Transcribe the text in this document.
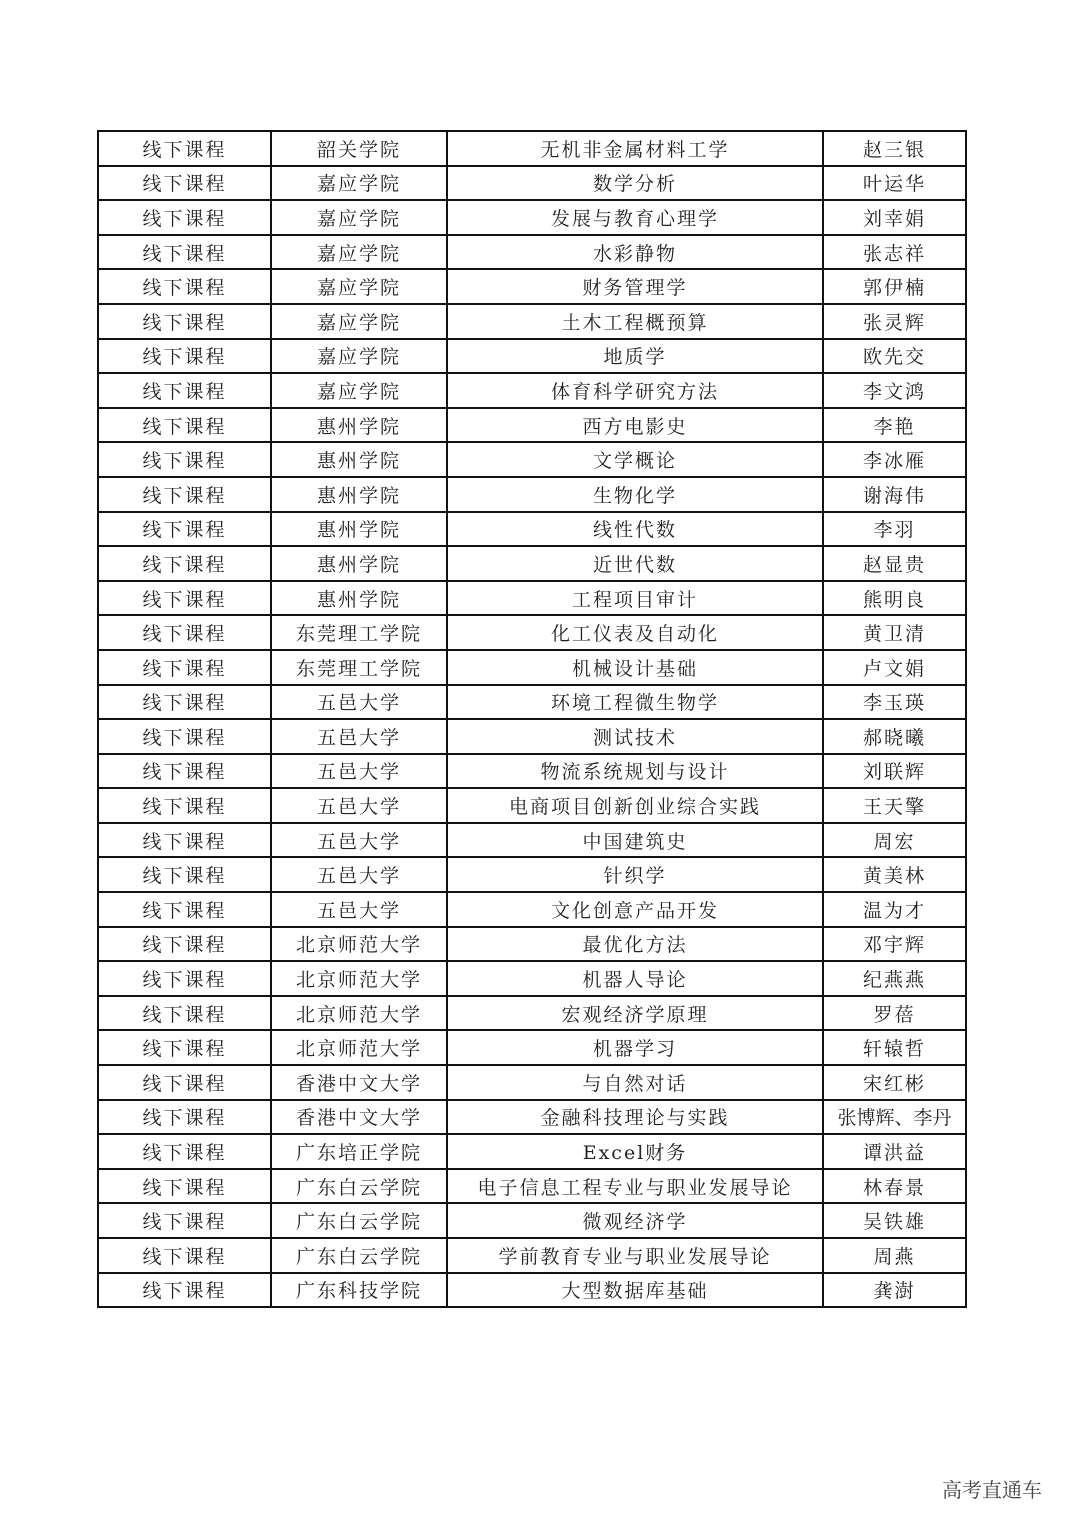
线下课程	韶关学院	无机非金属材料工学	赵三银
线下课程	嘉应学院	数学分析	叶运华
线下课程	嘉应学院	发展与教育心理学	刘幸娟
线下课程	嘉应学院	水彩静物	张志祥
线下课程	嘉应学院	财务管理学	郭伊楠
线下课程	嘉应学院	土木工程概预算	张灵辉
线下课程	嘉应学院	地质学	欧先交
线下课程	嘉应学院	体育科学研究方法	李文鸿
线下课程	惠州学院	西方电影史	李艳
线下课程	惠州学院	文学概论	李冰雁
线下课程	惠州学院	生物化学	谢海伟
线下课程	惠州学院	线性代数	李羽
线下课程	惠州学院	近世代数	赵显贵
线下课程	惠州学院	工程项目审计	熊明良
线下课程	东莞理工学院	化工仪表及自动化	黄卫清
线下课程	东莞理工学院	机械设计基础	卢文娟
线下课程	五邑大学	环境工程微生物学	李玉瑛
线下课程	五邑大学	测试技术	郝晓曦
线下课程	五邑大学	物流系统规划与设计	刘联辉
线下课程	五邑大学	电商项目创新创业综合实践	王天擎
线下课程	五邑大学	中国建筑史	周宏
线下课程	五邑大学	针织学	黄美林
线下课程	五邑大学	文化创意产品开发	温为才
线下课程	北京师范大学	最优化方法	邓宇辉
线下课程	北京师范大学	机器人导论	纪燕燕
线下课程	北京师范大学	宏观经济学原理	罗蓓
线下课程	北京师范大学	机器学习	轩辕哲
线下课程	香港中文大学	与自然对话	宋红彬
线下课程	香港中文大学	金融科技理论与实践	张博辉、李丹
线下课程	广东培正学院	Excel财务	谭洪益
线下课程	广东白云学院	电子信息工程专业与职业发展导论	林春景
线下课程	广东白云学院	微观经济学	吴铁雄
线下课程	广东白云学院	学前教育专业与职业发展导论	周燕
线下课程	广东科技学院	大型数据库基础	龚澍
高考直通车
